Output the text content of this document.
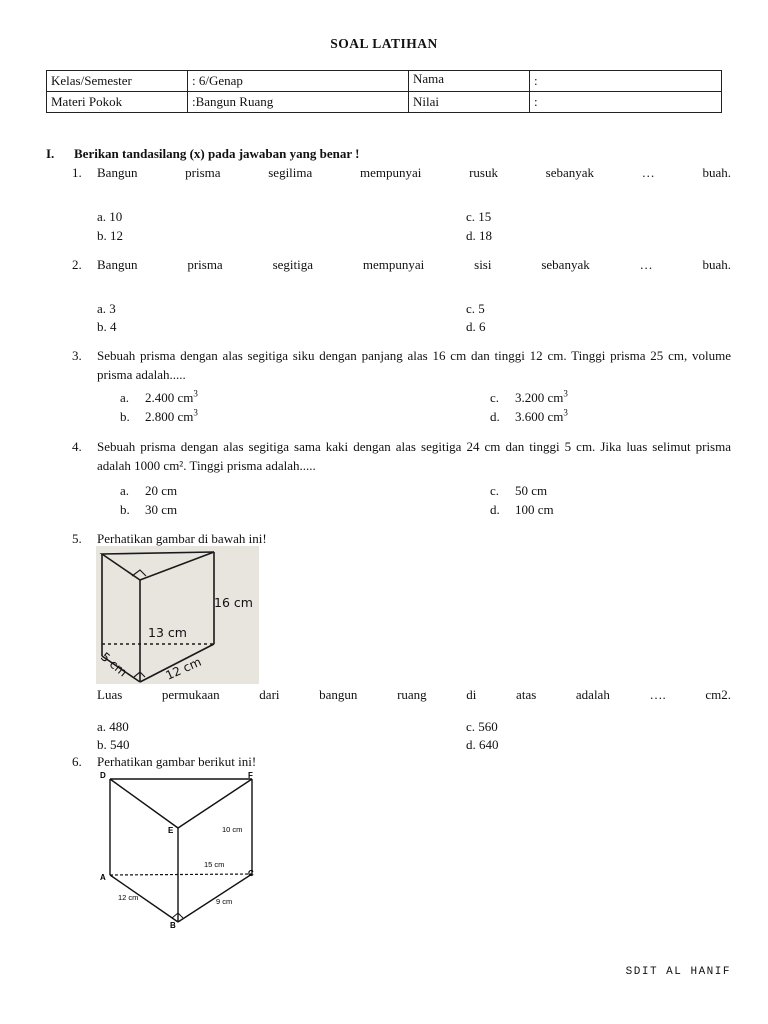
SOAL LATIHAN
Kelas/Semester	: 6/Genap	Nama	:
Materi Pokok	:Bangun Ruang	Nilai	:
I. Berikan tandasilang (x) pada jawaban yang benar !
1. Bangun prisma segilima mempunyai rusuk sebanyak … buah.
a. 10
b. 12
c. 15
d. 18
2. Bangun prisma segitiga mempunyai sisi sebanyak … buah.
a. 3
b. 4
c. 5
d. 6
3. Sebuah prisma dengan alas segitiga siku dengan panjang alas 16 cm dan tinggi 12 cm. Tinggi prisma 25 cm, volume prisma adalah.....
a. 2.400 $cm^3$
b. 2.800 $cm^3$
c. 3.200 $cm^3$
d. 3.600 $cm^3$
4. Sebuah prisma dengan alas segitiga sama kaki dengan alas segitiga 24 cm dan tinggi 5 cm. Jika luas selimut prisma adalah 1000 cm². Tinggi prisma adalah.....
a. 20 cm
b. 30 cm
c. 50 cm
d. 100 cm
5. Perhatikan gambar di bawah ini!
16 cm
13 cm
5 cm	12 cm
Luas permukaan dari bangun ruang di atas adalah …. cm2.
a. 480
b. 540
c. 560
d. 640
6. Perhatikan gambar berikut ini!
D	F
E
A
B
C
10 cm
15 cm
12 cm	9 cm
SDIT AL HANIF
